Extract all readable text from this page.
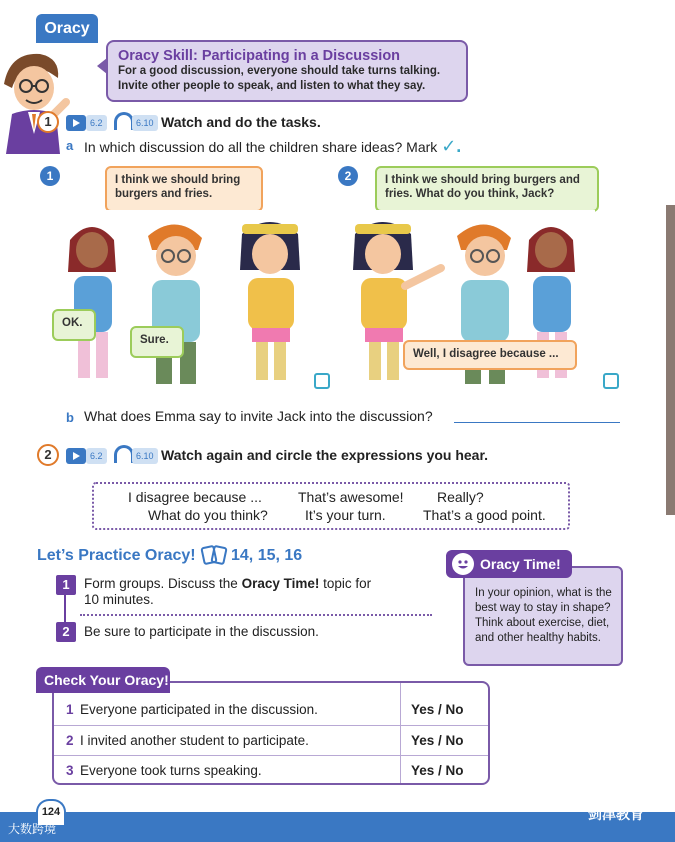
Oracy
Oracy Skill: Participating in a Discussion
For a good discussion, everyone should take turns talking.
Invite other people to speak, and listen to what they say.
1	6.2	6.10 Watch and do the tasks.
a In which discussion do all the children share ideas? Mark ✓.
1	I think we should bring burgers and fries.
OK.
Sure.
2	I think we should bring burgers and fries. What do you think, Jack?
Well, I disagree because ...
b What does Emma say to invite Jack into the discussion?
2	6.2	6.10 Watch again and circle the expressions you hear.
I disagree because ...	That’s awesome! Really?
What do you think?	It’s your turn.	That’s a good point.
Let’s Practice Oracy! 14, 15, 16
1	Form groups. Discuss the Oracy Time! topic for
10 minutes.
2	Be sure to participate in the discussion.
In your opinion, what is the best way to stay in shape? Think about exercise, diet, and other healthy habits.
Oracy Time!
1 Everyone participated in the discussion.	Yes / No
2 I invited another student to participate.	Yes / No
3 Everyone took turns speaking.	Yes / No
Check Your Oracy!
124
大数跨境
剑津教育
